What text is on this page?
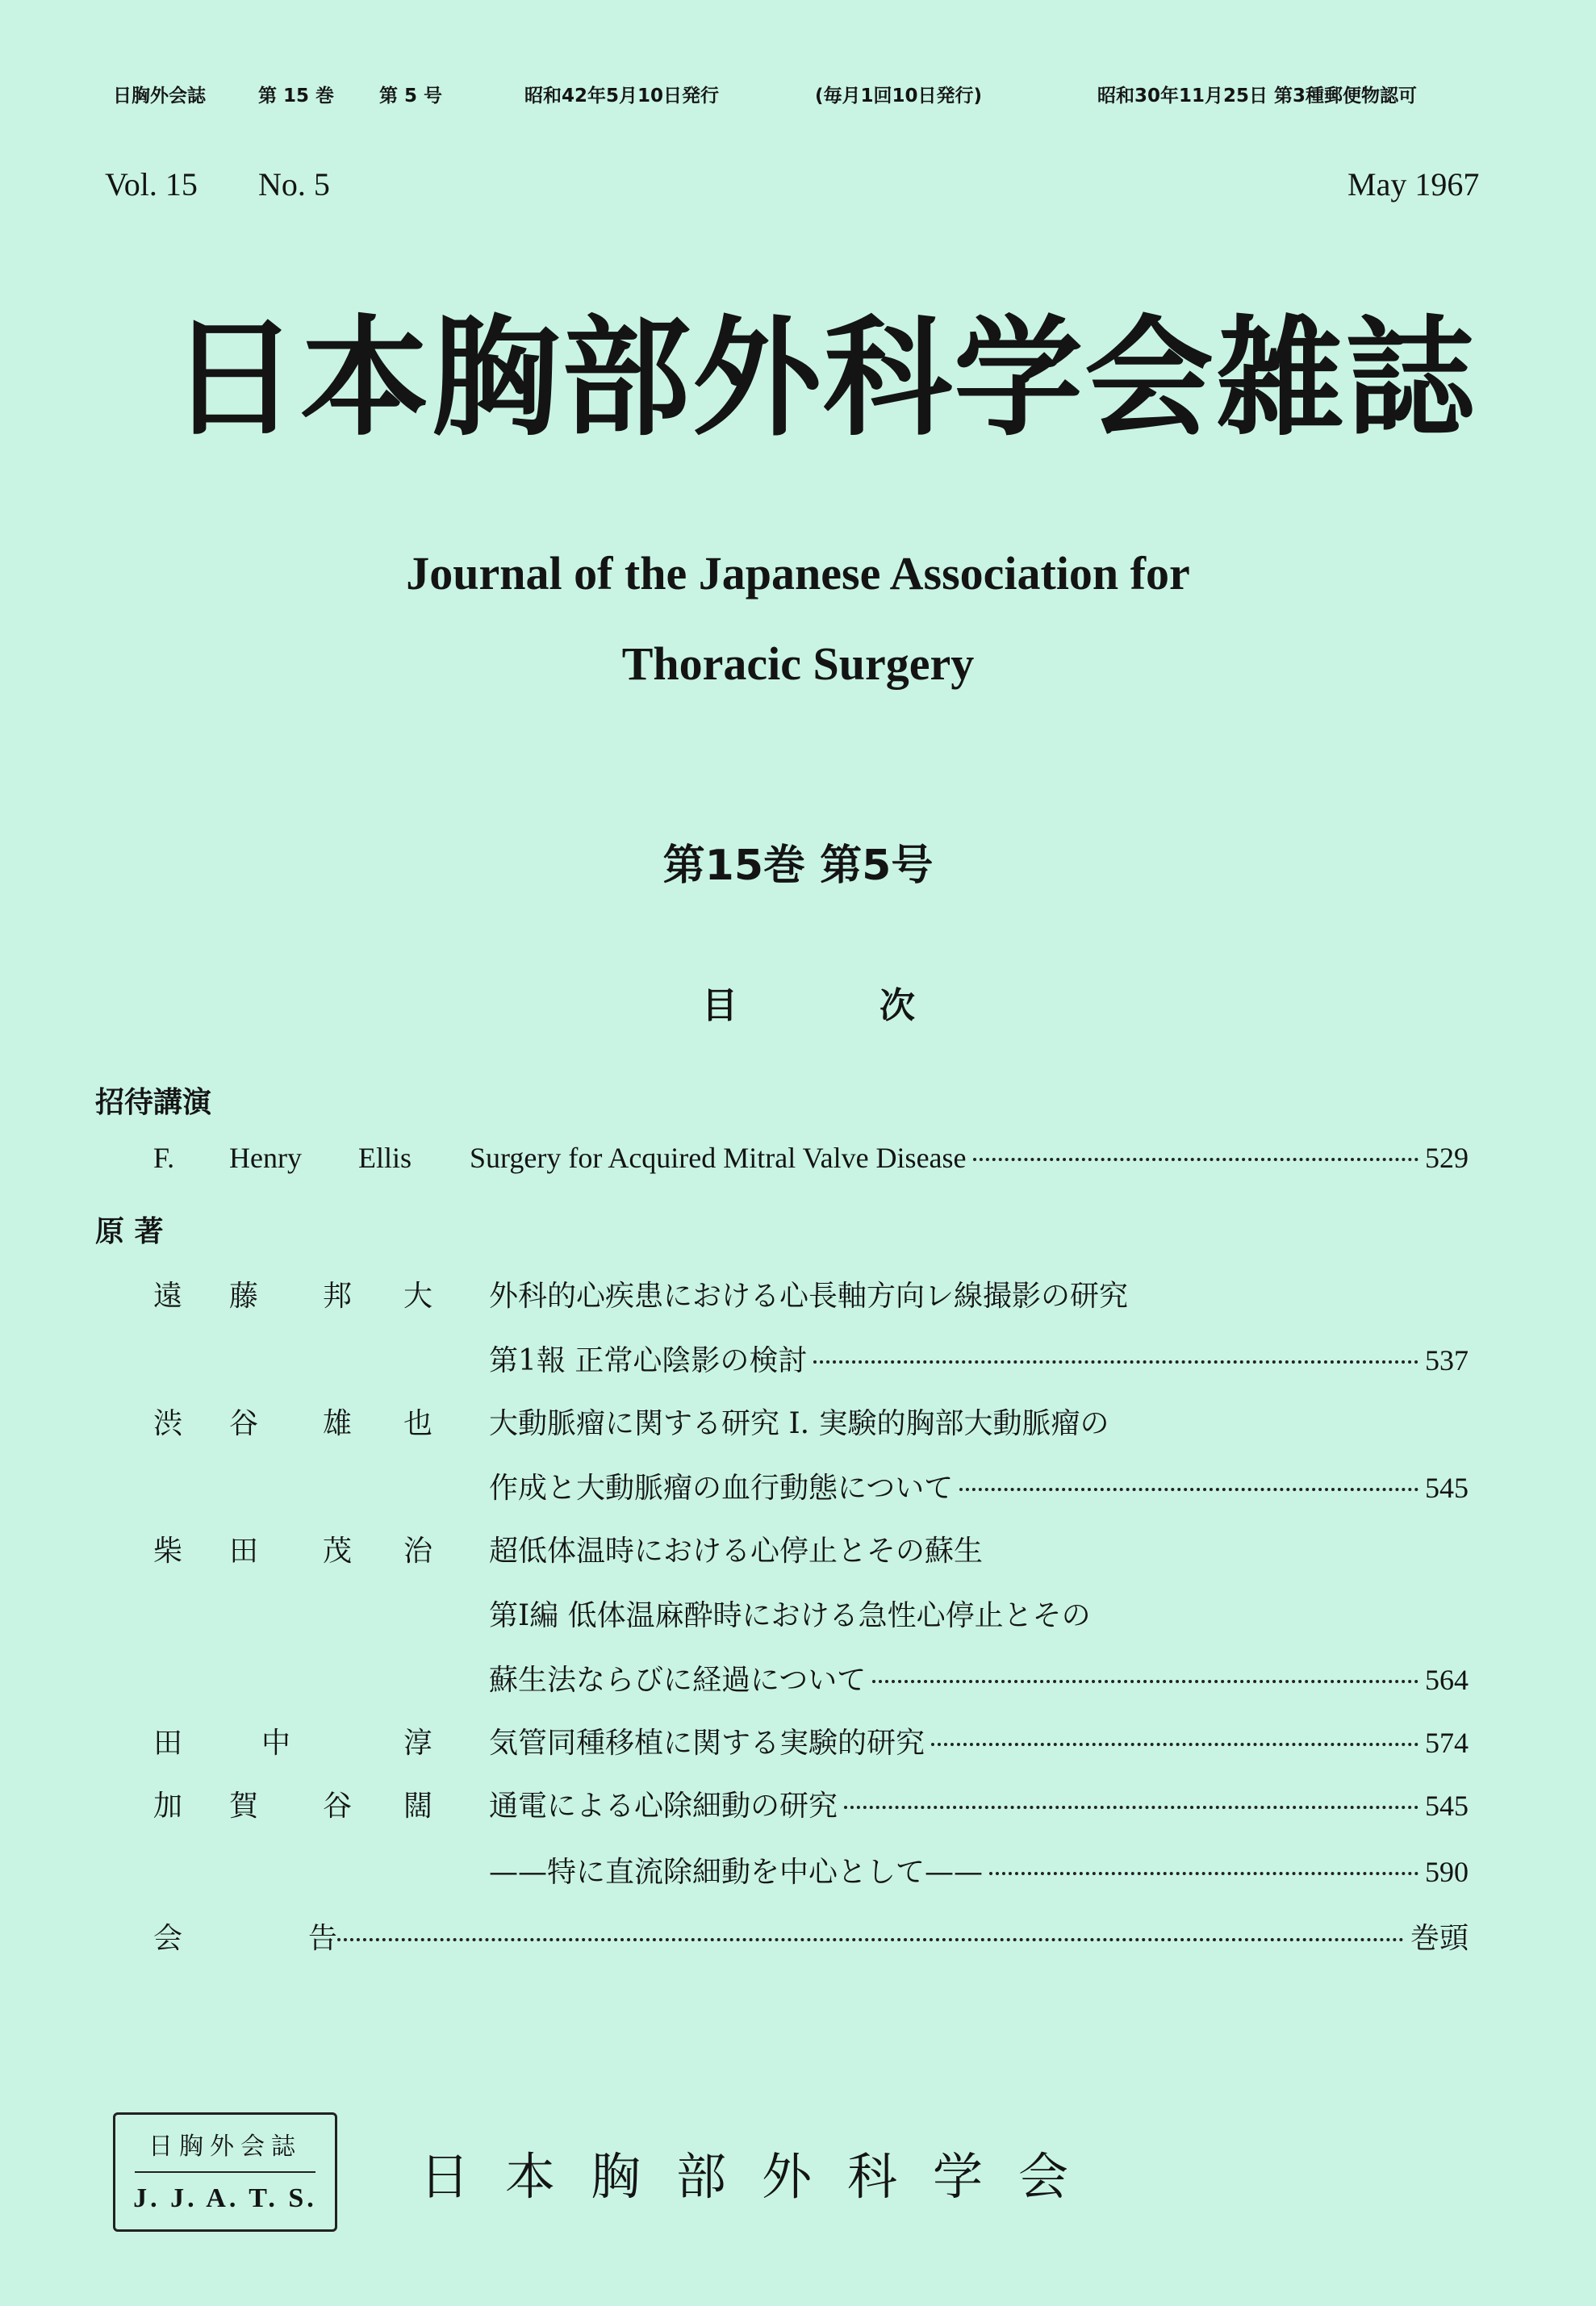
日胸外会誌	第 15 巻 第 5 号	昭和42年5月10日発行	(毎月1回10日発行)	昭和30年11月25日 第3種郵便物認可
Vol. 15 No. 5	May 1967
日本胸部外科学会雑誌
Journal of the Japanese Association for
Thoracic Surgery
第15巻 第5号
目	次
招待講演
F. Henry Ellis Surgery for Acquired Mitral Valve Disease	529
原 著
遠 藤 邦 大 外科的心疾患における心長軸方向レ線撮影の研究
第1報 正常心陰影の検討	537
渋 谷 雄 也 大動脈瘤に関する研究 I. 実験的胸部大動脈瘤の
作成と大動脈瘤の血行動態について	545
柴 田 茂 治 超低体温時における心停止とその蘇生
第I編 低体温麻酔時における急性心停止とその
蘇生法ならびに経過について	564
田	中	淳 気管同種移植に関する実験的研究	574
加 賀 谷 闊 通電による心除細動の研究	545
——特に直流除細動を中心として——	590
会	告	巻頭
日胸外会誌
J. J. A. T. S.	日本胸部外科学会
